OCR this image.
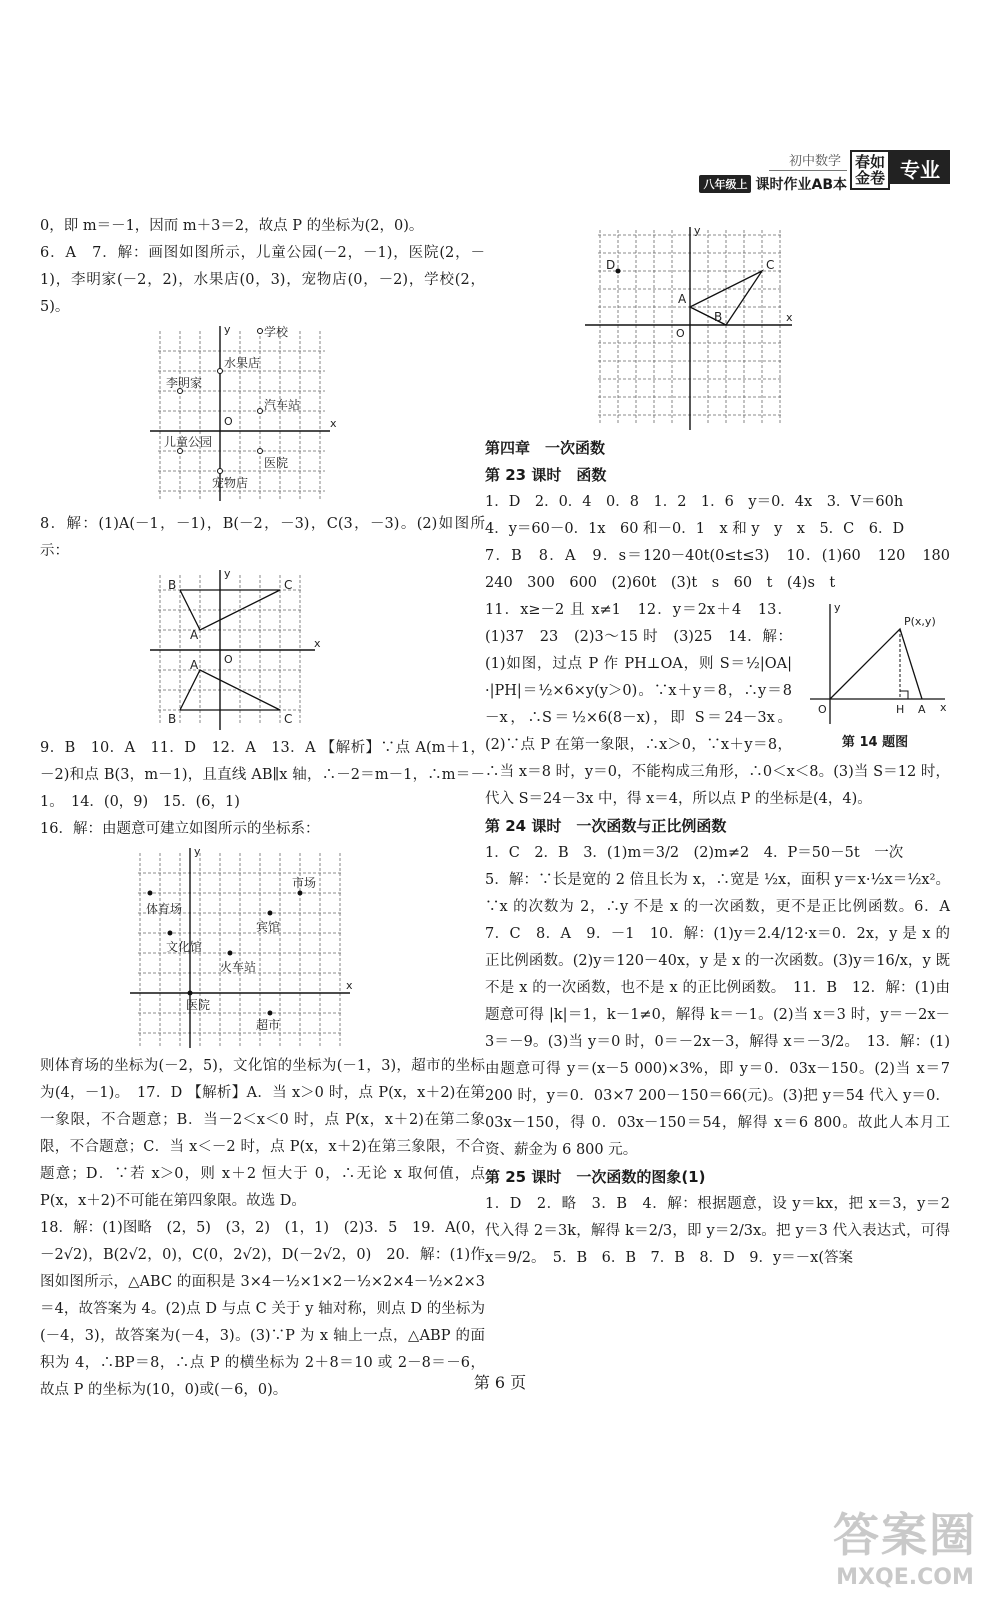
初中数学
八年级上 课时作业AB本
春如金卷 专业

0，即 m＝－1，因而 m＋3＝2，故点 P 的坐标为(2，0)。

6．A　7．解：画图如图所示，儿童公园(－2，－1)，医院(2，－1)，李明家(－2，2)，水果店(0，3)，宠物店(0，－2)，学校(2，5)。

x
y
O
学校
水果店
李明家
汽车站
儿童公园
医院
宠物店

8．解：(1)A(－1，－1)，B(－2，－3)，C(3，－3)。(2)如图所示：

x
y
O
B	C
A
A
B	C

9．B　10．A　11．D　12．A　13．A 【解析】∵点 A(m＋1，－2)和点 B(3，m－1)，且直线 AB∥x 轴，∴－2＝m－1，∴m＝－1。　14．(0，9)　15．(6，1)

16．解：由题意可建立如图所示的坐标系：

x
y
体育场
文化馆
火车站
宾馆
市场
医院
超市

则体育场的坐标为(－2，5)，文化馆的坐标为(－1，3)，超市的坐标为(4，－1)。　17．D 【解析】A．当 x＞0 时，点 P(x，x＋2)在第一象限，不合题意；B．当－2＜x＜0 时，点 P(x，x＋2)在第二象限，不合题意；C．当 x＜－2 时，点 P(x，x＋2)在第三象限，不合题意；D．∵若 x＞0，则 x＋2 恒大于 0，∴无论 x 取何值，点 P(x，x＋2)不可能在第四象限。故选 D。

18．解：(1)图略　(2，5)　(3，2)　(1，1)　(2)3．5　19．A(0，－2√2)，B(2√2，0)，C(0，2√2)，D(－2√2，0)　20．解：(1)作图如图所示，△ABC 的面积是 3×4－½×1×2－½×2×4－½×2×3＝4，故答案为 4。(2)点 D 与点 C 关于 y 轴对称，则点 D 的坐标为(－4，3)，故答案为(－4，3)。(3)∵P 为 x 轴上一点，△ABP 的面积为 4，∴BP＝8，∴点 P 的横坐标为 2＋8＝10 或 2－8＝－6，故点 P 的坐标为(10，0)或(－6，0)。

x
y
O
D	C
B
A

第四章　一次函数

第 23 课时　函数

1．D　2．0．4　0．8　1．2　1．6　y＝0．4x　3．V＝60h

4．y＝60－0．1x　60 和－0．1　x 和 y　y　x　5．C　6．D

7．B　8．A　9．s＝120－40t(0≤t≤3)　10．(1)60　120　180　240　300　600　(2)60t　(3)t　s　60　t　(4)s　t

P(x,y)
x
y
O	H A
第 14 题图

11．x≥－2 且 x≠1　12．y＝2x＋4　13．(1)37　23　(2)3～15 时　(3)25　14．解：(1)如图，过点 P 作 PH⊥OA，则 S＝½|OA|·|PH|＝½×6×y(y＞0)。∵x＋y＝8，∴y＝8－x，∴S＝½×6(8－x)，即 S＝24－3x。(2)∵点 P 在第一象限，∴x＞0，∵x＋y＝8，∴当 x＝8 时，y＝0，不能构成三角形，∴0＜x＜8。(3)当 S＝12 时，代入 S＝24－3x 中，得 x＝4，所以点 P 的坐标是(4，4)。

第 24 课时　一次函数与正比例函数

1．C　2．B　3．(1)m＝3/2　(2)m≠2　4．P＝50－5t　一次

5．解：∵长是宽的 2 倍且长为 x，∴宽是 ½x，面积 y＝x·½x＝½x²。∵x 的次数为 2，∴y 不是 x 的一次函数，更不是正比例函数。6．A　7．C　8．A　9．－1　10．解：(1)y＝2.4/12·x＝0．2x，y 是 x 的正比例函数。(2)y＝120－40x，y 是 x 的一次函数。(3)y＝16/x，y 既不是 x 的一次函数，也不是 x 的正比例函数。　11．B　12．解：(1)由题意可得 |k|＝1，k－1≠0，解得 k＝－1。(2)当 x＝3 时，y＝－2x－3＝－9。(3)当 y＝0 时，0＝－2x－3，解得 x＝－3/2。　13．解：(1)由题意可得 y＝(x－5 000)×3%，即 y＝0．03x－150。(2)当 x＝7 200 时，y＝0．03×7 200－150＝66(元)。(3)把 y＝54 代入 y＝0．03x－150，得 0．03x－150＝54，解得 x＝6 800。故此人本月工资、薪金为 6 800 元。

第 25 课时　一次函数的图象(1)

1．D　2．略　3．B　4．解：根据题意，设 y＝kx，把 x＝3，y＝2 代入得 2＝3k，解得 k＝2/3，即 y＝2/3x。把 y＝3 代入表达式，可得 x＝9/2。　5．B　6．B　7．B　8．D　9．y＝－x(答案

第 6 页
答案圈
MXQE.COM
